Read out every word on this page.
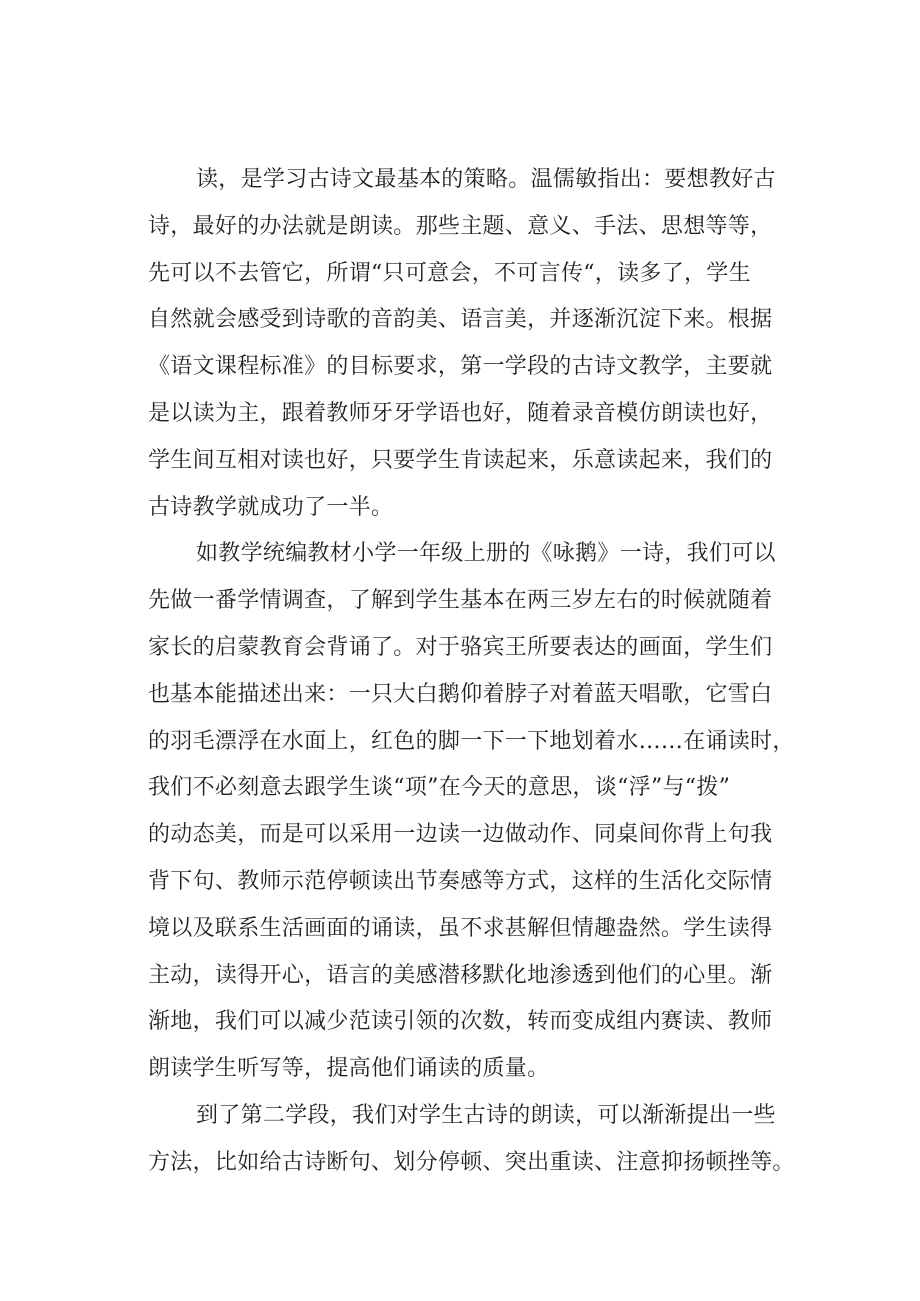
读，是学习古诗文最基本的策略。温儒敏指出：要想教好古
诗，最好的办法就是朗读。那些主题、意义、手法、思想等等，
先可以不去管它，所谓“只可意会，不可言传“，读多了，学生
自然就会感受到诗歌的音韵美、语言美，并逐渐沉淀下来。根据
《语文课程标准》的目标要求，第一学段的古诗文教学，主要就
是以读为主，跟着教师牙牙学语也好，随着录音模仿朗读也好，
学生间互相对读也好，只要学生肯读起来，乐意读起来，我们的
古诗教学就成功了一半。
如教学统编教材小学一年级上册的《咏鹅》一诗，我们可以
先做一番学情调查，了解到学生基本在两三岁左右的时候就随着
家长的启蒙教育会背诵了。对于骆宾王所要表达的画面，学生们
也基本能描述出来：一只大白鹅仰着脖子对着蓝天唱歌，它雪白
的羽毛漂浮在水面上，红色的脚一下一下地划着水……在诵读时，
我们不必刻意去跟学生谈“项”在今天的意思，谈“浮”与“拨”
的动态美，而是可以采用一边读一边做动作、同桌间你背上句我
背下句、教师示范停顿读出节奏感等方式，这样的生活化交际情
境以及联系生活画面的诵读，虽不求甚解但情趣盎然。学生读得
主动，读得开心，语言的美感潜移默化地渗透到他们的心里。渐
渐地，我们可以减少范读引领的次数，转而变成组内赛读、教师
朗读学生听写等，提高他们诵读的质量。
到了第二学段，我们对学生古诗的朗读，可以渐渐提出一些
方法，比如给古诗断句、划分停顿、突出重读、注意抑扬顿挫等。
